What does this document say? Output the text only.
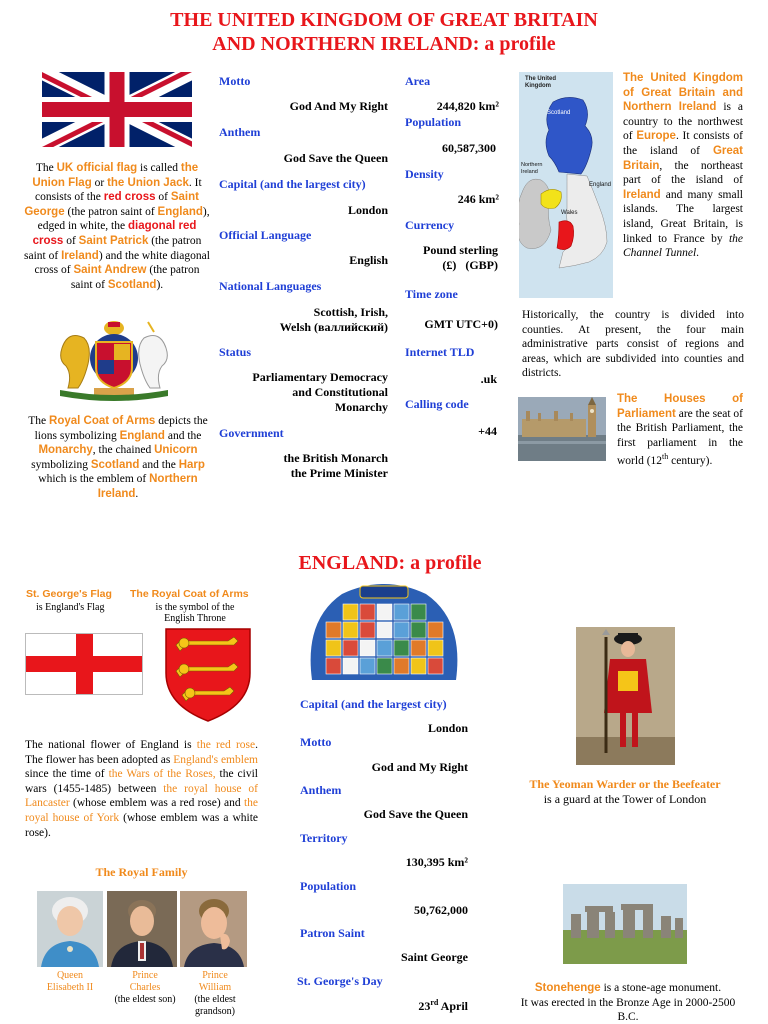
THE UNITED KINGDOM OF GREAT BRITAIN
AND NORTHERN IRELAND: a profile
The UK official flag is called the Union Flag or the Union Jack. It consists of the red cross of Saint George (the patron saint of England), edged in white, the diagonal red cross of Saint Patrick (the patron saint of Ireland) and the white diagonal cross of Saint Andrew (the patron saint of Scotland).
The Royal Coat of Arms depicts the lions symbolizing England and the Monarchy, the chained Unicorn symbolizing Scotland and the Harp which is the emblem of Northern Ireland.
Motto
God And My Right
Anthem
God Save the Queen
Capital (and the largest city)
London
Official Language
English
National Languages
Scottish, Irish,
Welsh (валлийский)
Status
Parliamentary Democracy
and Constitutional
Monarchy
Government
the British Monarch
the Prime Minister
Area
244,820 km²
Population
60,587,300
Density
246 km²
Currency
Pound sterling
(£)   (GBP)
Time zone
GMT UTC+0)
Internet TLD
.uk
Calling code
+44
The United Kingdom
Scotland
Northern Ireland
England
Wales
The United Kingdom of Great Britain and Northern Ireland is a country to the northwest of Europe. It consists of the island of Great Britain, the northeast part of the island of Ireland and many small islands. The largest island, Great Britain, is linked to France by the Channel Tunnel.
Historically, the country is divided into counties. At present, the four main administrative parts consist of regions and areas, which are subdivided into counties and districts.
The Houses of Parliament are the seat of the British Parliament, the first parliament in the world (12th century).
ENGLAND: a profile
St. George's Flag
is England's Flag
The Royal Coat of Arms
is the symbol of the English Throne
The national flower of England is the red rose. The flower has been adopted as England's emblem since the time of the Wars of the Roses, the civil wars (1455-1485) between the royal house of Lancaster (whose emblem was a red rose) and the royal house of York (whose emblem was a white rose).
The Royal Family
Queen
Elisabeth II
Prince
Charles
(the eldest son)
Prince
William
(the eldest grandson)
Capital (and the largest city)
London
Motto
God and My Right
Anthem
God Save the Queen
Territory
130,395 km²
Population
50,762,000
Patron Saint
Saint George
St. George's Day
23rd April
The Yeoman Warder or the Beefeater
is a guard at the Tower of London
Stonehenge is a stone-age monument.
It was erected in the Bronze Age in 2000-2500 B.C.
